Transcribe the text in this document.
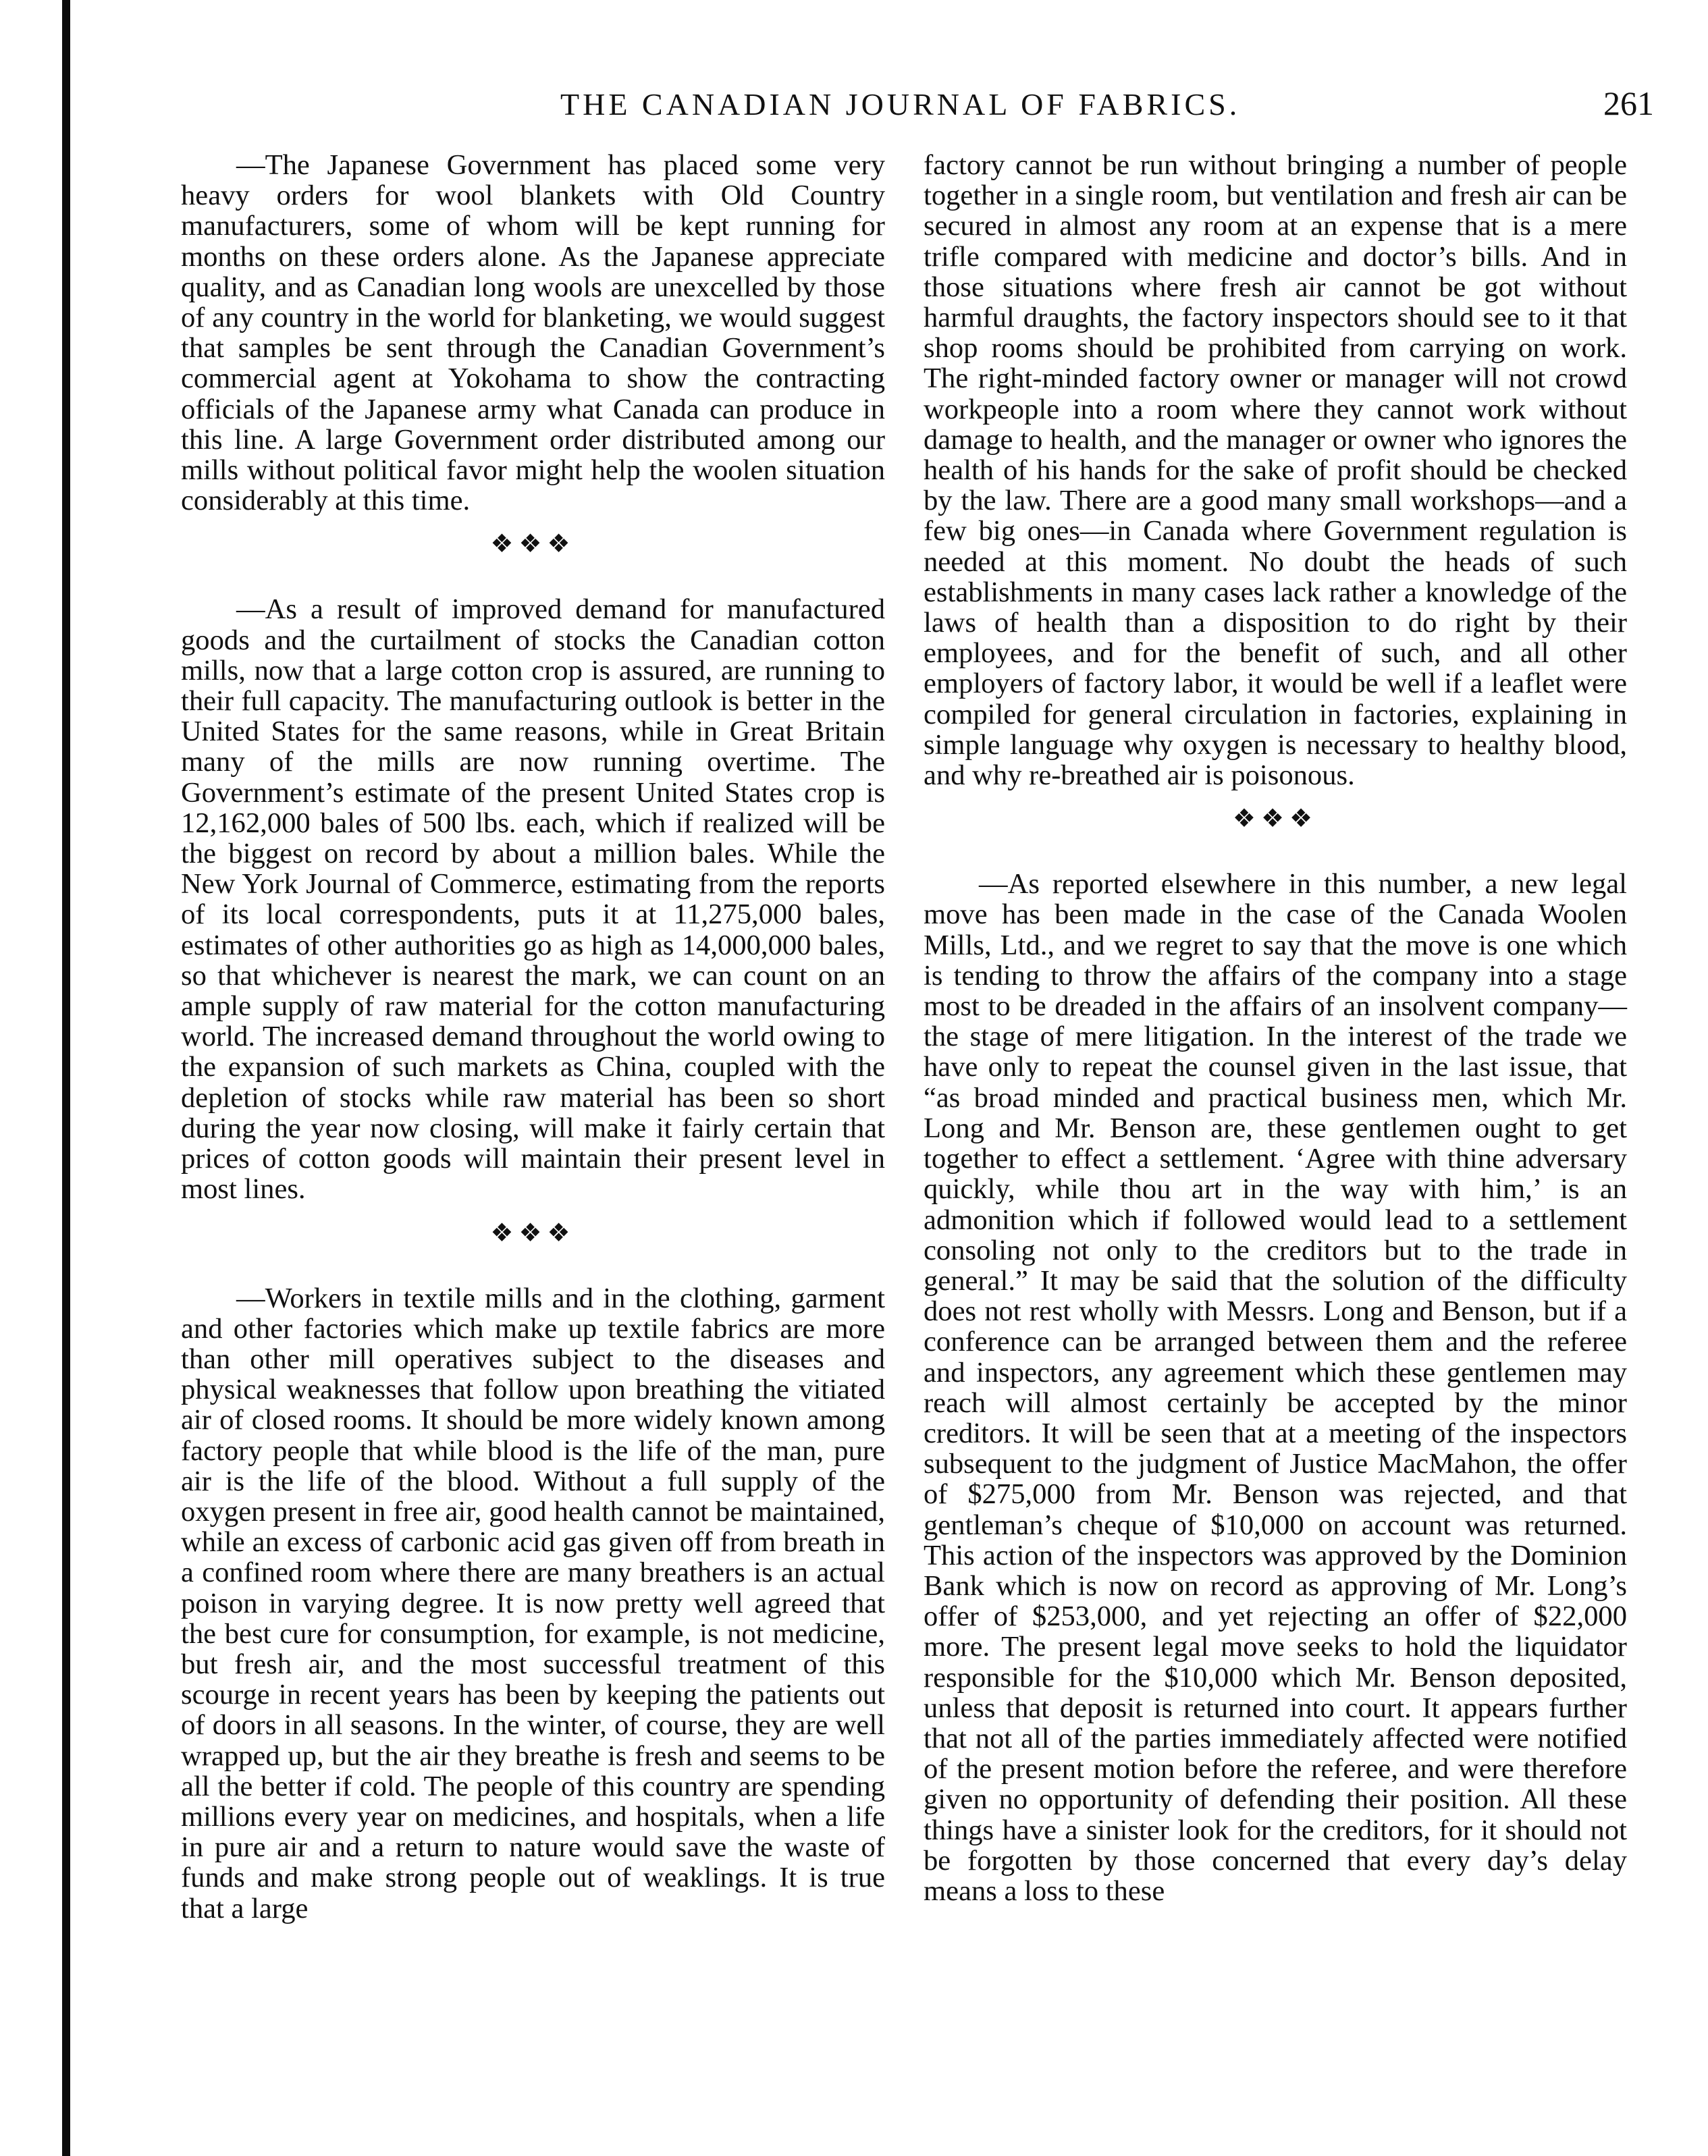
THE CANADIAN JOURNAL OF FABRICS.	261

—The Japanese Government has placed some very heavy orders for wool blankets with Old Country manufacturers, some of whom will be kept running for months on these orders alone. As the Japanese appreciate quality, and as Canadian long wools are unexcelled by those of any country in the world for blanketing, we would suggest that samples be sent through the Canadian Government’s commercial agent at Yokohama to show the contracting officials of the Japanese army what Canada can produce in this line. A large Government order distributed among our mills without political favor might help the woolen situation considerably at this time.

❖❖❖

—As a result of improved demand for manufactured goods and the curtailment of stocks the Canadian cotton mills, now that a large cotton crop is assured, are running to their full capacity. The manufacturing outlook is better in the United States for the same reasons, while in Great Britain many of the mills are now running overtime. The Government’s estimate of the present United States crop is 12,162,000 bales of 500 lbs. each, which if realized will be the biggest on record by about a million bales. While the New York Journal of Commerce, estimating from the reports of its local correspondents, puts it at 11,275,000 bales, estimates of other authorities go as high as 14,000,000 bales, so that whichever is nearest the mark, we can count on an ample supply of raw material for the cotton manufacturing world. The increased demand throughout the world owing to the expansion of such markets as China, coupled with the depletion of stocks while raw material has been so short during the year now closing, will make it fairly certain that prices of cotton goods will maintain their present level in most lines.

❖❖❖

—Workers in textile mills and in the clothing, garment and other factories which make up textile fabrics are more than other mill operatives subject to the diseases and physical weaknesses that follow upon breathing the vitiated air of closed rooms. It should be more widely known among factory people that while blood is the life of the man, pure air is the life of the blood. Without a full supply of the oxygen present in free air, good health cannot be maintained, while an excess of carbonic acid gas given off from breath in a confined room where there are many breathers is an actual poison in varying degree. It is now pretty well agreed that the best cure for consumption, for example, is not medicine, but fresh air, and the most successful treatment of this scourge in recent years has been by keeping the patients out of doors in all seasons. In the winter, of course, they are well wrapped up, but the air they breathe is fresh and seems to be all the better if cold. The people of this country are spending millions every year on medicines, and hospitals, when a life in pure air and a return to nature would save the waste of funds and make strong people out of weaklings. It is true that a large

factory cannot be run without bringing a number of people together in a single room, but ventilation and fresh air can be secured in almost any room at an expense that is a mere trifle compared with medicine and doctor’s bills. And in those situations where fresh air cannot be got without harmful draughts, the factory inspectors should see to it that shop rooms should be prohibited from carrying on work. The right-minded factory owner or manager will not crowd workpeople into a room where they cannot work without damage to health, and the manager or owner who ignores the health of his hands for the sake of profit should be checked by the law. There are a good many small workshops—and a few big ones—in Canada where Government regulation is needed at this moment. No doubt the heads of such establishments in many cases lack rather a knowledge of the laws of health than a disposition to do right by their employees, and for the benefit of such, and all other employers of factory labor, it would be well if a leaflet were compiled for general circulation in factories, explaining in simple language why oxygen is necessary to healthy blood, and why re-breathed air is poisonous.

❖❖❖

—As reported elsewhere in this number, a new legal move has been made in the case of the Canada Woolen Mills, Ltd., and we regret to say that the move is one which is tending to throw the affairs of the company into a stage most to be dreaded in the affairs of an insolvent company—the stage of mere litigation. In the interest of the trade we have only to repeat the counsel given in the last issue, that “as broad minded and practical business men, which Mr. Long and Mr. Benson are, these gentlemen ought to get together to effect a settlement. ‘Agree with thine adversary quickly, while thou art in the way with him,’ is an admonition which if followed would lead to a settlement consoling not only to the creditors but to the trade in general.” It may be said that the solution of the difficulty does not rest wholly with Messrs. Long and Benson, but if a conference can be arranged between them and the referee and inspectors, any agreement which these gentlemen may reach will almost certainly be accepted by the minor creditors. It will be seen that at a meeting of the inspectors subsequent to the judgment of Justice MacMahon, the offer of $275,000 from Mr. Benson was rejected, and that gentleman’s cheque of $10,000 on account was returned. This action of the inspectors was approved by the Dominion Bank which is now on record as approving of Mr. Long’s offer of $253,000, and yet rejecting an offer of $22,000 more. The present legal move seeks to hold the liquidator responsible for the $10,000 which Mr. Benson deposited, unless that deposit is returned into court. It appears further that not all of the parties immediately affected were notified of the present motion before the referee, and were therefore given no opportunity of defending their position. All these things have a sinister look for the creditors, for it should not be forgotten by those concerned that every day’s delay means a loss to these
